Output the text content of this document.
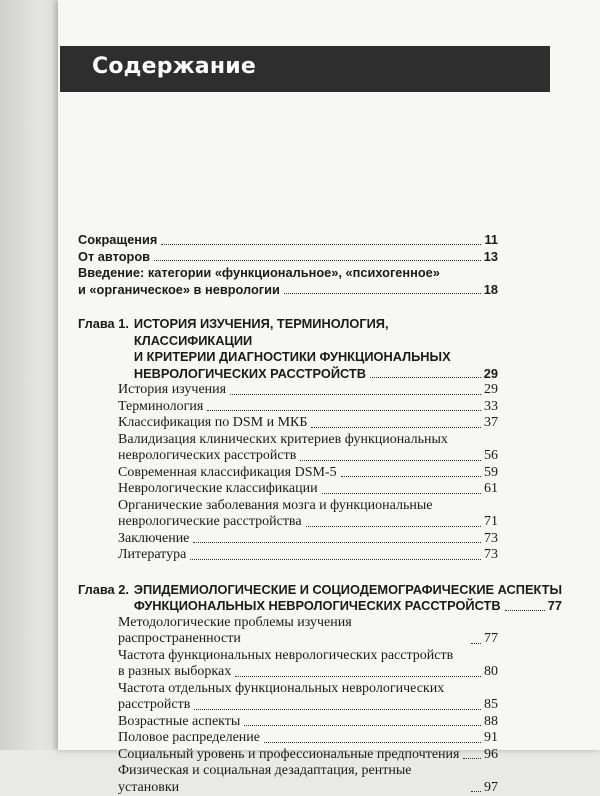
Содержание
Сокращения	11
От авторов	13
Введение: категории «функциональное», «психогенное»
и «органическое» в неврологии	18
Глава 1. ИСТОРИЯ ИЗУЧЕНИЯ, ТЕРМИНОЛОГИЯ, КЛАССИФИКАЦИИ
И КРИТЕРИИ ДИАГНОСТИКИ ФУНКЦИОНАЛЬНЫХ
НЕВРОЛОГИЧЕСКИХ РАССТРОЙСТВ	29
История изучения	29
Терминология	33
Классификация по DSM и МКБ	37
Валидизация клинических критериев функциональных
неврологических расстройств	56
Современная классификация DSM-5	59
Неврологические классификации	61
Органические заболевания мозга и функциональные
неврологические расстройства	71
Заключение	73
Литература	73
Глава 2. ЭПИДЕМИОЛОГИЧЕСКИЕ И СОЦИОДЕМОГРАФИЧЕСКИЕ АСПЕКТЫ
ФУНКЦИОНАЛЬНЫХ НЕВРОЛОГИЧЕСКИХ РАССТРОЙСТВ	77
Методологические проблемы изучения распространенности	77
Частота функциональных неврологических расстройств
в разных выборках	80
Частота отдельных функциональных неврологических
расстройств	85
Возрастные аспекты	88
Половое распределение	91
Социальный уровень и профессиональные предпочтения 96
Физическая и социальная дезадаптация, рентные установки	97
